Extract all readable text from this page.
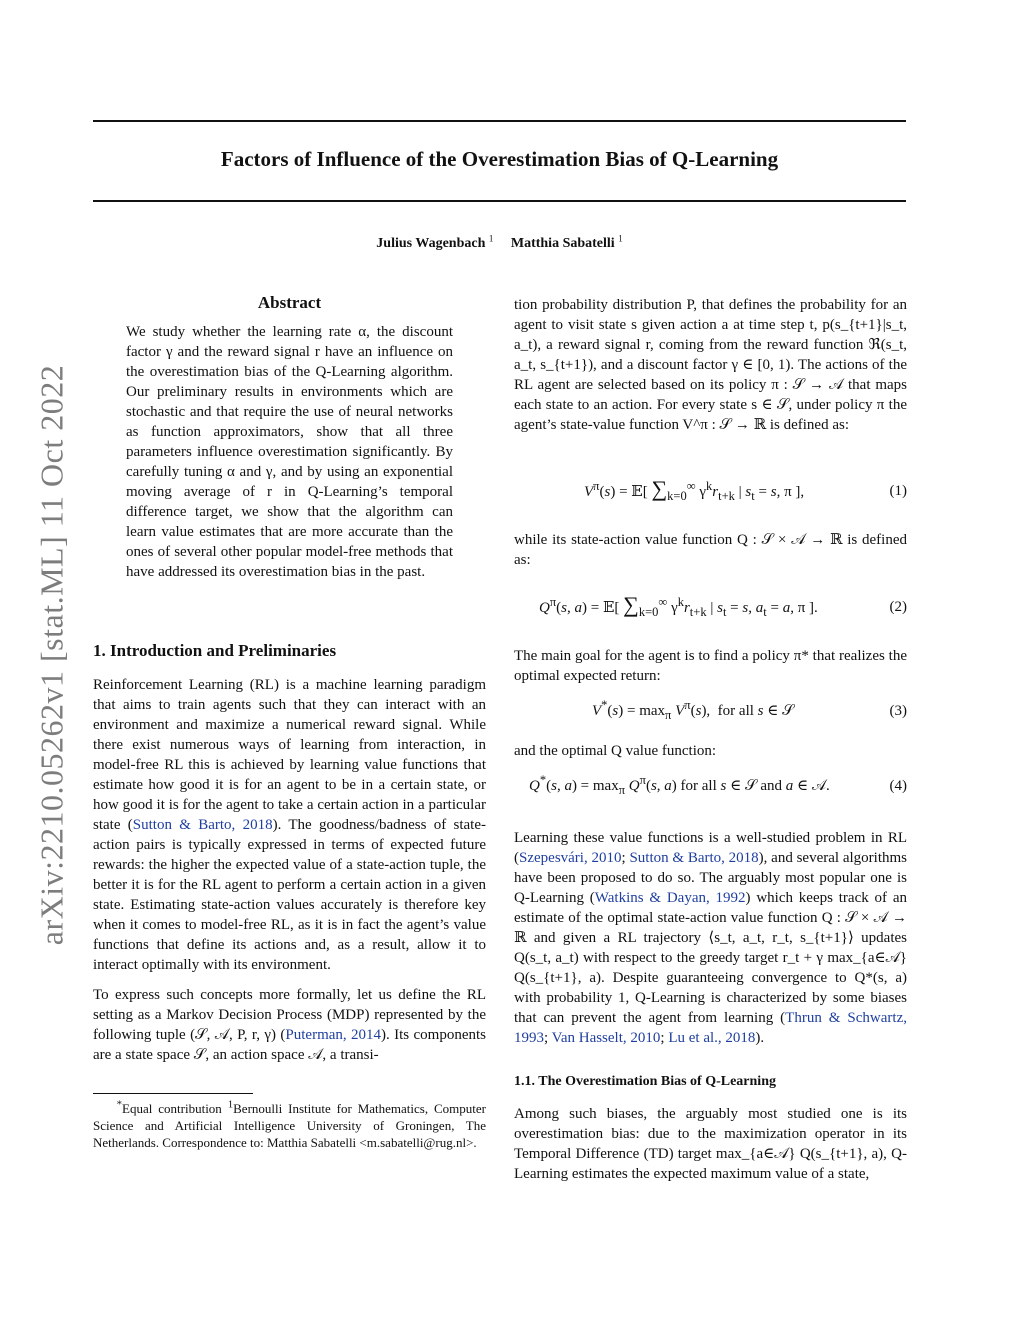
Factors of Influence of the Overestimation Bias of Q-Learning
Julius Wagenbach $^1$ Matthia Sabatelli $^1$
arXiv:2210.05262v1 [stat.ML] 11 Oct 2022
Abstract

We study whether the learning rate α, the discount factor γ and the reward signal r have an influence on the overestimation bias of the Q-Learning algorithm. Our preliminary results in environments which are stochastic and that require the use of neural networks as function approximators, show that all three parameters influence overestimation significantly. By carefully tuning α and γ, and by using an exponential moving average of r in Q-Learning’s temporal difference target, we show that the algorithm can learn value estimates that are more accurate than the ones of several other popular model-free methods that have addressed its overestimation bias in the past.

1. Introduction and Preliminaries

Reinforcement Learning (RL) is a machine learning paradigm that aims to train agents such that they can interact with an environment and maximize a numerical reward signal. While there exist numerous ways of learning from interaction, in model-free RL this is achieved by learning value functions that estimate how good it is for an agent to be in a certain state, or how good it is for the agent to take a certain action in a particular state (Sutton & Barto, 2018). The goodness/badness of state-action pairs is typically expressed in terms of expected future rewards: the higher the expected value of a state-action tuple, the better it is for the RL agent to perform a certain action in a given state. Estimating state-action values accurately is therefore key when it comes to model-free RL, as it is in fact the agent’s value functions that define its actions and, as a result, allow it to interact optimally with its environment.

To express such concepts more formally, let us define the RL setting as a Markov Decision Process (MDP) represented by the following tuple (𝒮, 𝒜, P, r, γ) (Puterman, 2014). Its components are a state space 𝒮, an action space 𝒜, a transi-

*Equal contribution $^1$Bernoulli Institute for Mathematics, Computer Science and Artificial Intelligence University of Groningen, The Netherlands. Correspondence to: Matthia Sabatelli <m.sabatelli@rug.nl>.

tion probability distribution P, that defines the probability for an agent to visit state s given action a at time step t, p(s_{t+1}|s_t, a_t), a reward signal r, coming from the reward function ℜ(s_t, a_t, s_{t+1}), and a discount factor γ ∈ [0, 1). The actions of the RL agent are selected based on its policy π : 𝒮 → 𝒜 that maps each state to an action. For every state s ∈ 𝒮, under policy π the agent’s state-value function V^π : 𝒮 → ℝ is defined as:

$V^\pi(s)$ = 𝔼[ $\sum_{k=0}^\infty$ $\gamma^kr_{t+k}$ | $s_t = s$, π ],	(1)

while its state-action value function Q : 𝒮 × 𝒜 → ℝ is defined as:

$Q^\pi(s$, a) = 𝔼[ $\sum_{k=0}^\infty$ $\gamma^kr_{t+k}$ | $s_t = s$, $a_t = a$, π ].	(2)

The main goal for the agent is to find a policy π* that realizes the optimal expected return:

$V^*(s) = \max_\pi V^\pi(s)$,  for all s ∈ 𝒮	(3)

and the optimal Q value function:

Q*(s, $a) = \max_\pi Q^\pi(s$, a) for all s ∈ 𝒮 and a ∈ 𝒜.	(4)

Learning these value functions is a well-studied problem in RL (Szepesvári, 2010; Sutton & Barto, 2018), and several algorithms have been proposed to do so. The arguably most popular one is Q-Learning (Watkins & Dayan, 1992) which keeps track of an estimate of the optimal state-action value function Q : 𝒮 × 𝒜 → ℝ and given a RL trajectory ⟨s_t, a_t, r_t, s_{t+1}⟩ updates Q(s_t, a_t) with respect to the greedy target r_t + γ max_{a∈𝒜} Q(s_{t+1}, a). Despite guaranteeing convergence to Q*(s, a) with probability 1, Q-Learning is characterized by some biases that can prevent the agent from learning (Thrun & Schwartz, 1993; Van Hasselt, 2010; Lu et al., 2018).

1.1. The Overestimation Bias of Q-Learning

Among such biases, the arguably most studied one is its overestimation bias: due to the maximization operator in its Temporal Difference (TD) target max_{a∈𝒜} Q(s_{t+1}, a), Q-Learning estimates the expected maximum value of a state,
